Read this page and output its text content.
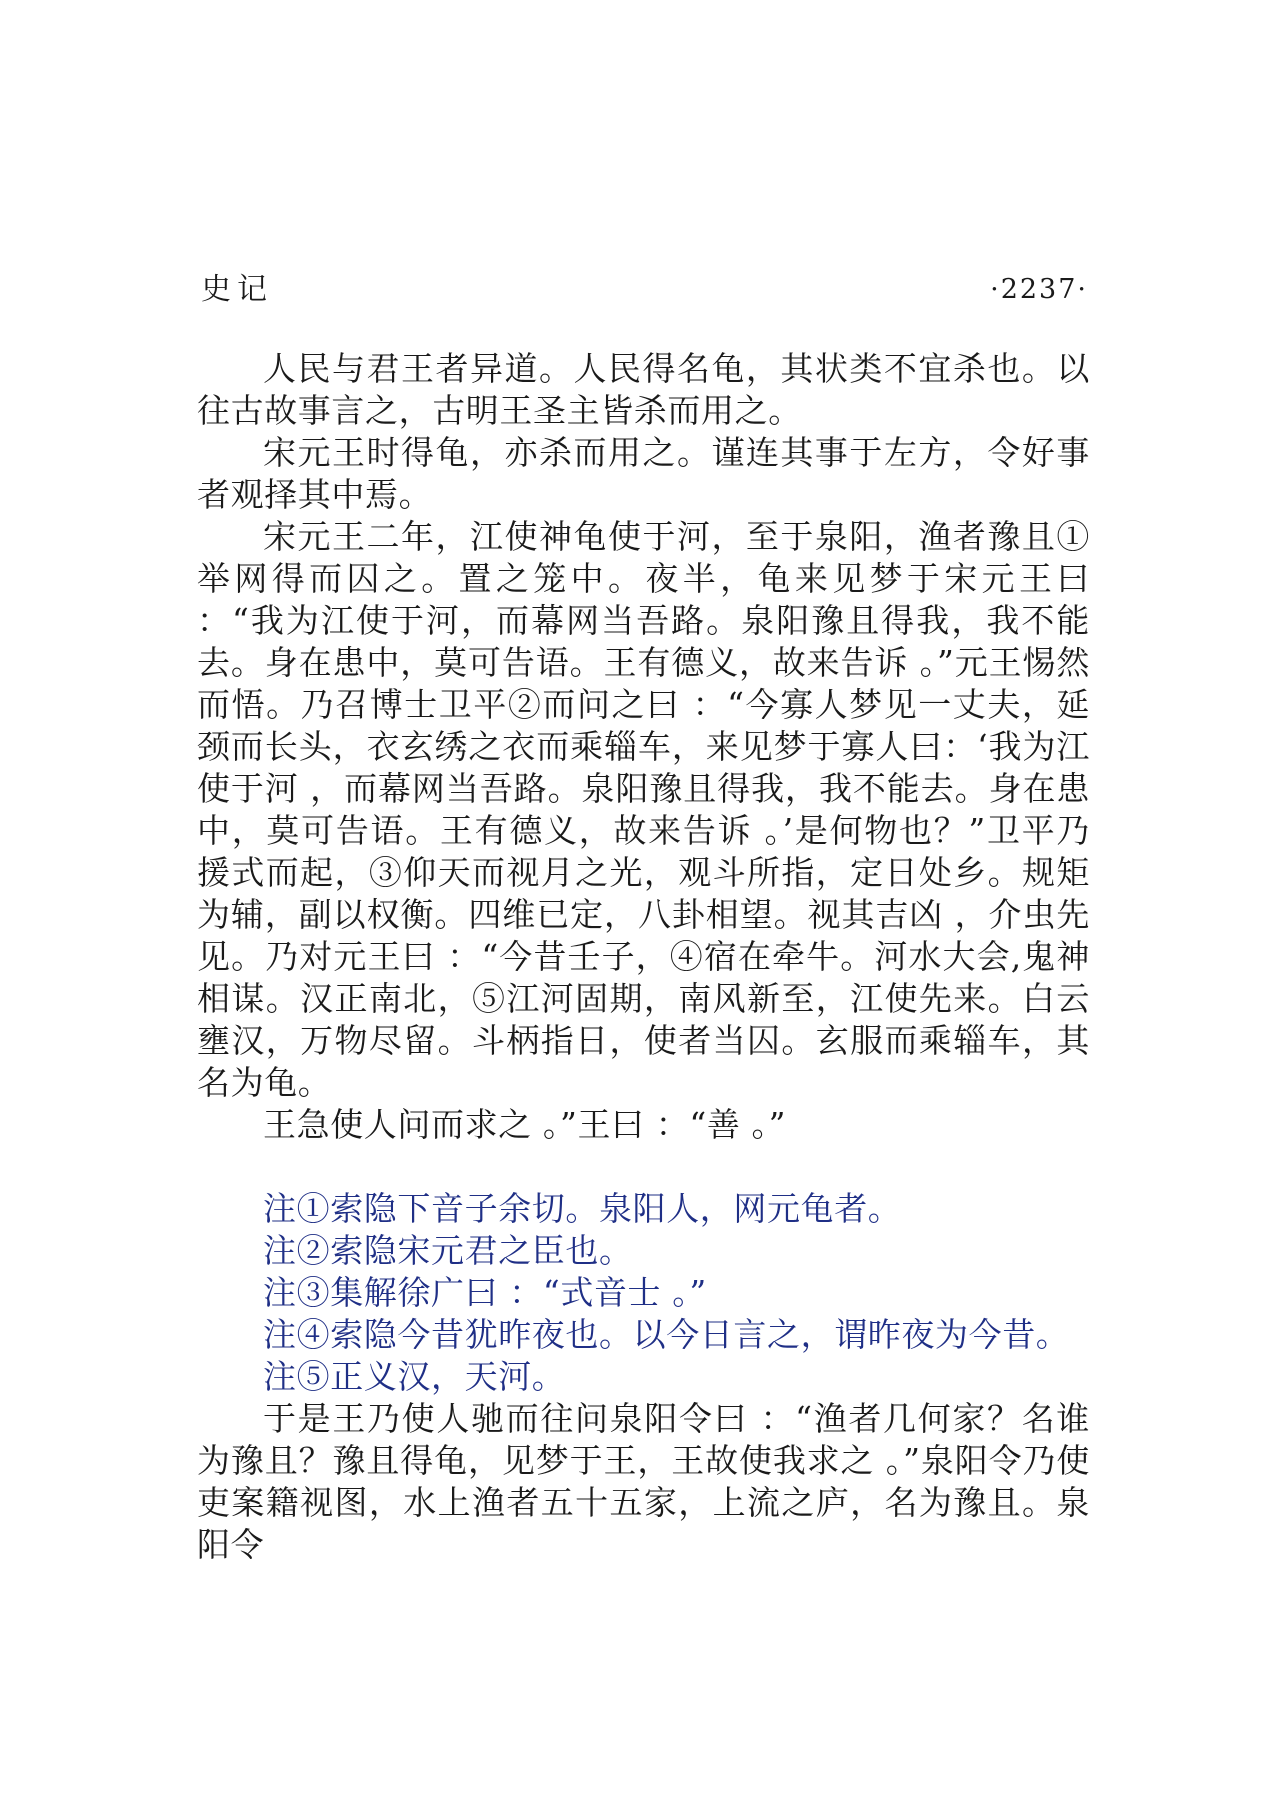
史记	·2237·

人民与君王者异道。人民得名龟，其状类不宜杀也。以往古故事言之，古明王圣主皆杀而用之。

宋元王时得龟，亦杀而用之。谨连其事于左方，令好事者观择其中焉。

宋元王二年，江使神龟使于河，至于泉阳，渔者豫且①举网得而囚之。置之笼中。夜半，龟来见梦于宋元王曰 ：“我为江使于河，而幕网当吾路。泉阳豫且得我，我不能去。身在患中，莫可告语。王有德义，故来告诉 。”元王惕然而悟。乃召博士卫平②而问之曰 ：“今寡人梦见一丈夫，延颈而长头，衣玄绣之衣而乘辎车，来见梦于寡人曰：‘我为江使于河 ，而幕网当吾路。泉阳豫且得我，我不能去。身在患中，莫可告语。王有德义，故来告诉 。’是何物也？”卫平乃援式而起，③仰天而视月之光，观斗所指，定日处乡。规矩为辅，副以权衡。四维已定，八卦相望。视其吉凶 ，介虫先见。乃对元王曰 ：“今昔壬子，④宿在牵牛。河水大会,鬼神相谋。汉正南北，⑤江河固期，南风新至，江使先来。白云壅汉，万物尽留。斗柄指日，使者当囚。玄服而乘辎车，其名为龟。

王急使人问而求之 。”王曰 ：“善 。”

注①索隐下音子余切。泉阳人，网元龟者。

注②索隐宋元君之臣也。

注③集解徐广曰 ：“式音士 。”

注④索隐今昔犹昨夜也。以今日言之，谓昨夜为今昔。

注⑤正义汉，天河。

于是王乃使人驰而往问泉阳令曰 ：“渔者几何家？名谁为豫且？豫且得龟，见梦于王，王故使我求之 。”泉阳令乃使吏案籍视图，水上渔者五十五家，上流之庐，名为豫且。泉阳令
